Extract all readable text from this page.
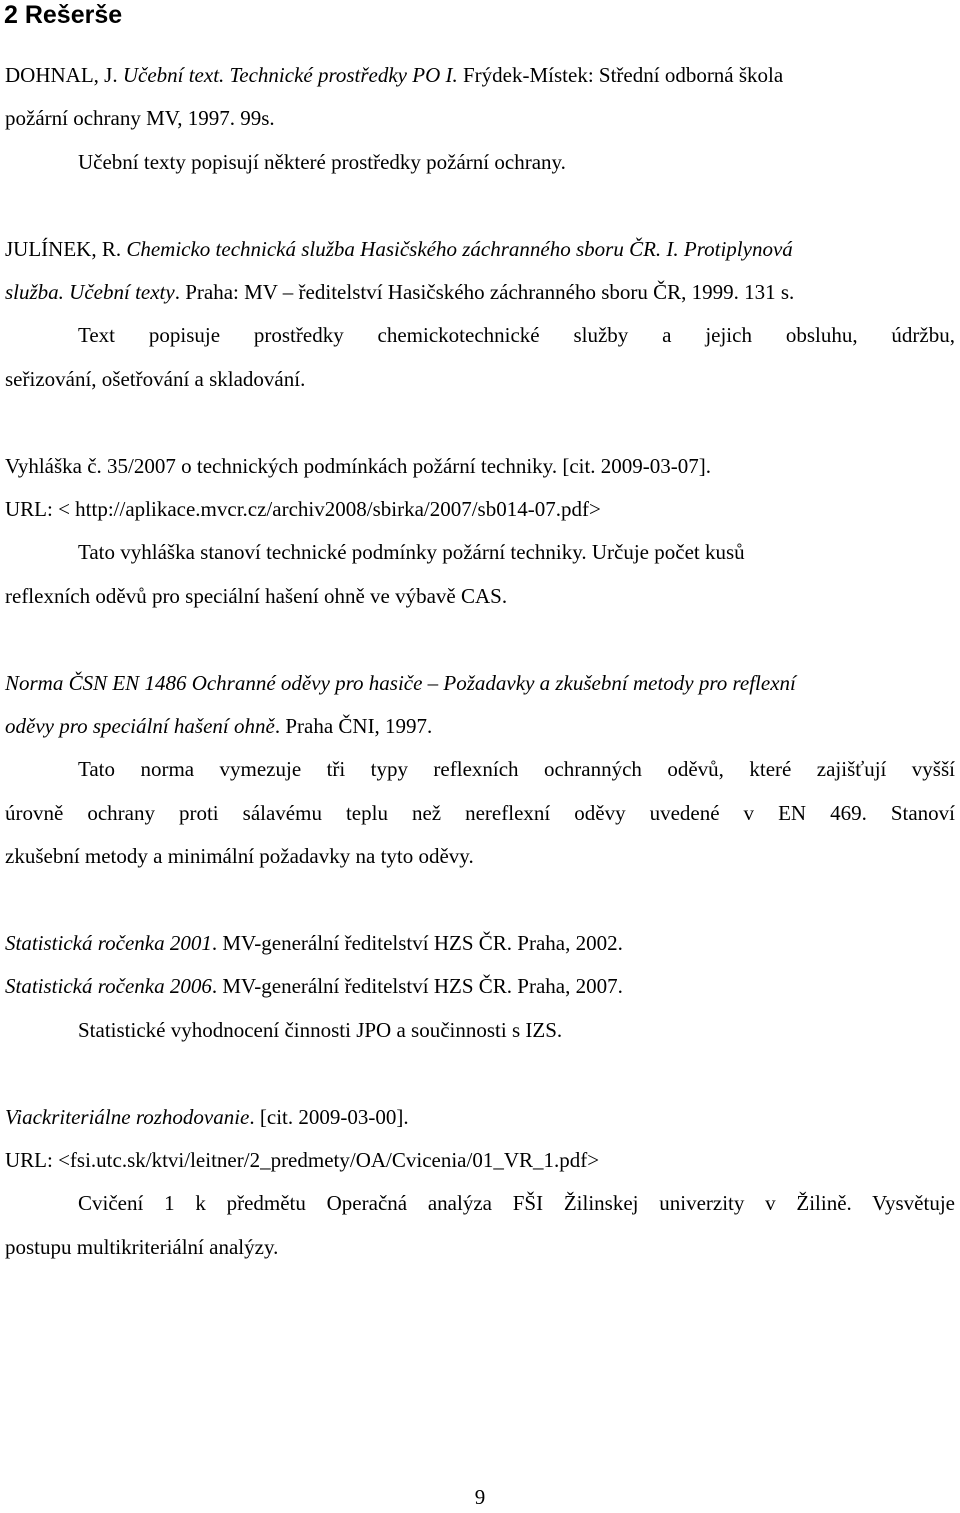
2 Rešerše
DOHNAL, J. Učební text. Technické prostředky PO I. Frýdek-Místek: Střední odborná škola
požární ochrany MV, 1997. 99s.
Učební texty popisují některé prostředky požární ochrany.
JULÍNEK, R. Chemicko technická služba Hasičského záchranného sboru ČR. I. Protiplynová
služba. Učební texty. Praha: MV – ředitelství Hasičského záchranného sboru ČR, 1999. 131 s.
Text popisuje prostředky chemickotechnické služby a jejich obsluhu, údržbu,
seřizování, ošetřování a skladování.
Vyhláška č. 35/2007 o technických podmínkách požární techniky. [cit. 2009-03-07].
URL: < http://aplikace.mvcr.cz/archiv2008/sbirka/2007/sb014-07.pdf>
Tato vyhláška stanoví technické podmínky požární techniky. Určuje počet kusů
reflexních oděvů pro speciální hašení ohně ve výbavě CAS.
Norma ČSN EN 1486 Ochranné oděvy pro hasiče – Požadavky a zkušební metody pro reflexní
oděvy pro speciální hašení ohně. Praha ČNI, 1997.
Tato norma vymezuje tři typy reflexních ochranných oděvů, které zajišťují vyšší
úrovně ochrany proti sálavému teplu než nereflexní oděvy uvedené v EN 469. Stanoví
zkušební metody a minimální požadavky na tyto oděvy.
Statistická ročenka 2001. MV-generální ředitelství HZS ČR. Praha, 2002.
Statistická ročenka 2006. MV-generální ředitelství HZS ČR. Praha, 2007.
Statistické vyhodnocení činnosti JPO a součinnosti s IZS.
Viackriteriálne rozhodovanie. [cit. 2009-03-00].
URL: <fsi.utc.sk/ktvi/leitner/2_predmety/OA/Cvicenia/01_VR_1.pdf>
Cvičení 1 k předmětu Operačná analýza FŠI Žilinskej univerzity v Žilině. Vysvětuje
postupu multikriteriální analýzy.
9
